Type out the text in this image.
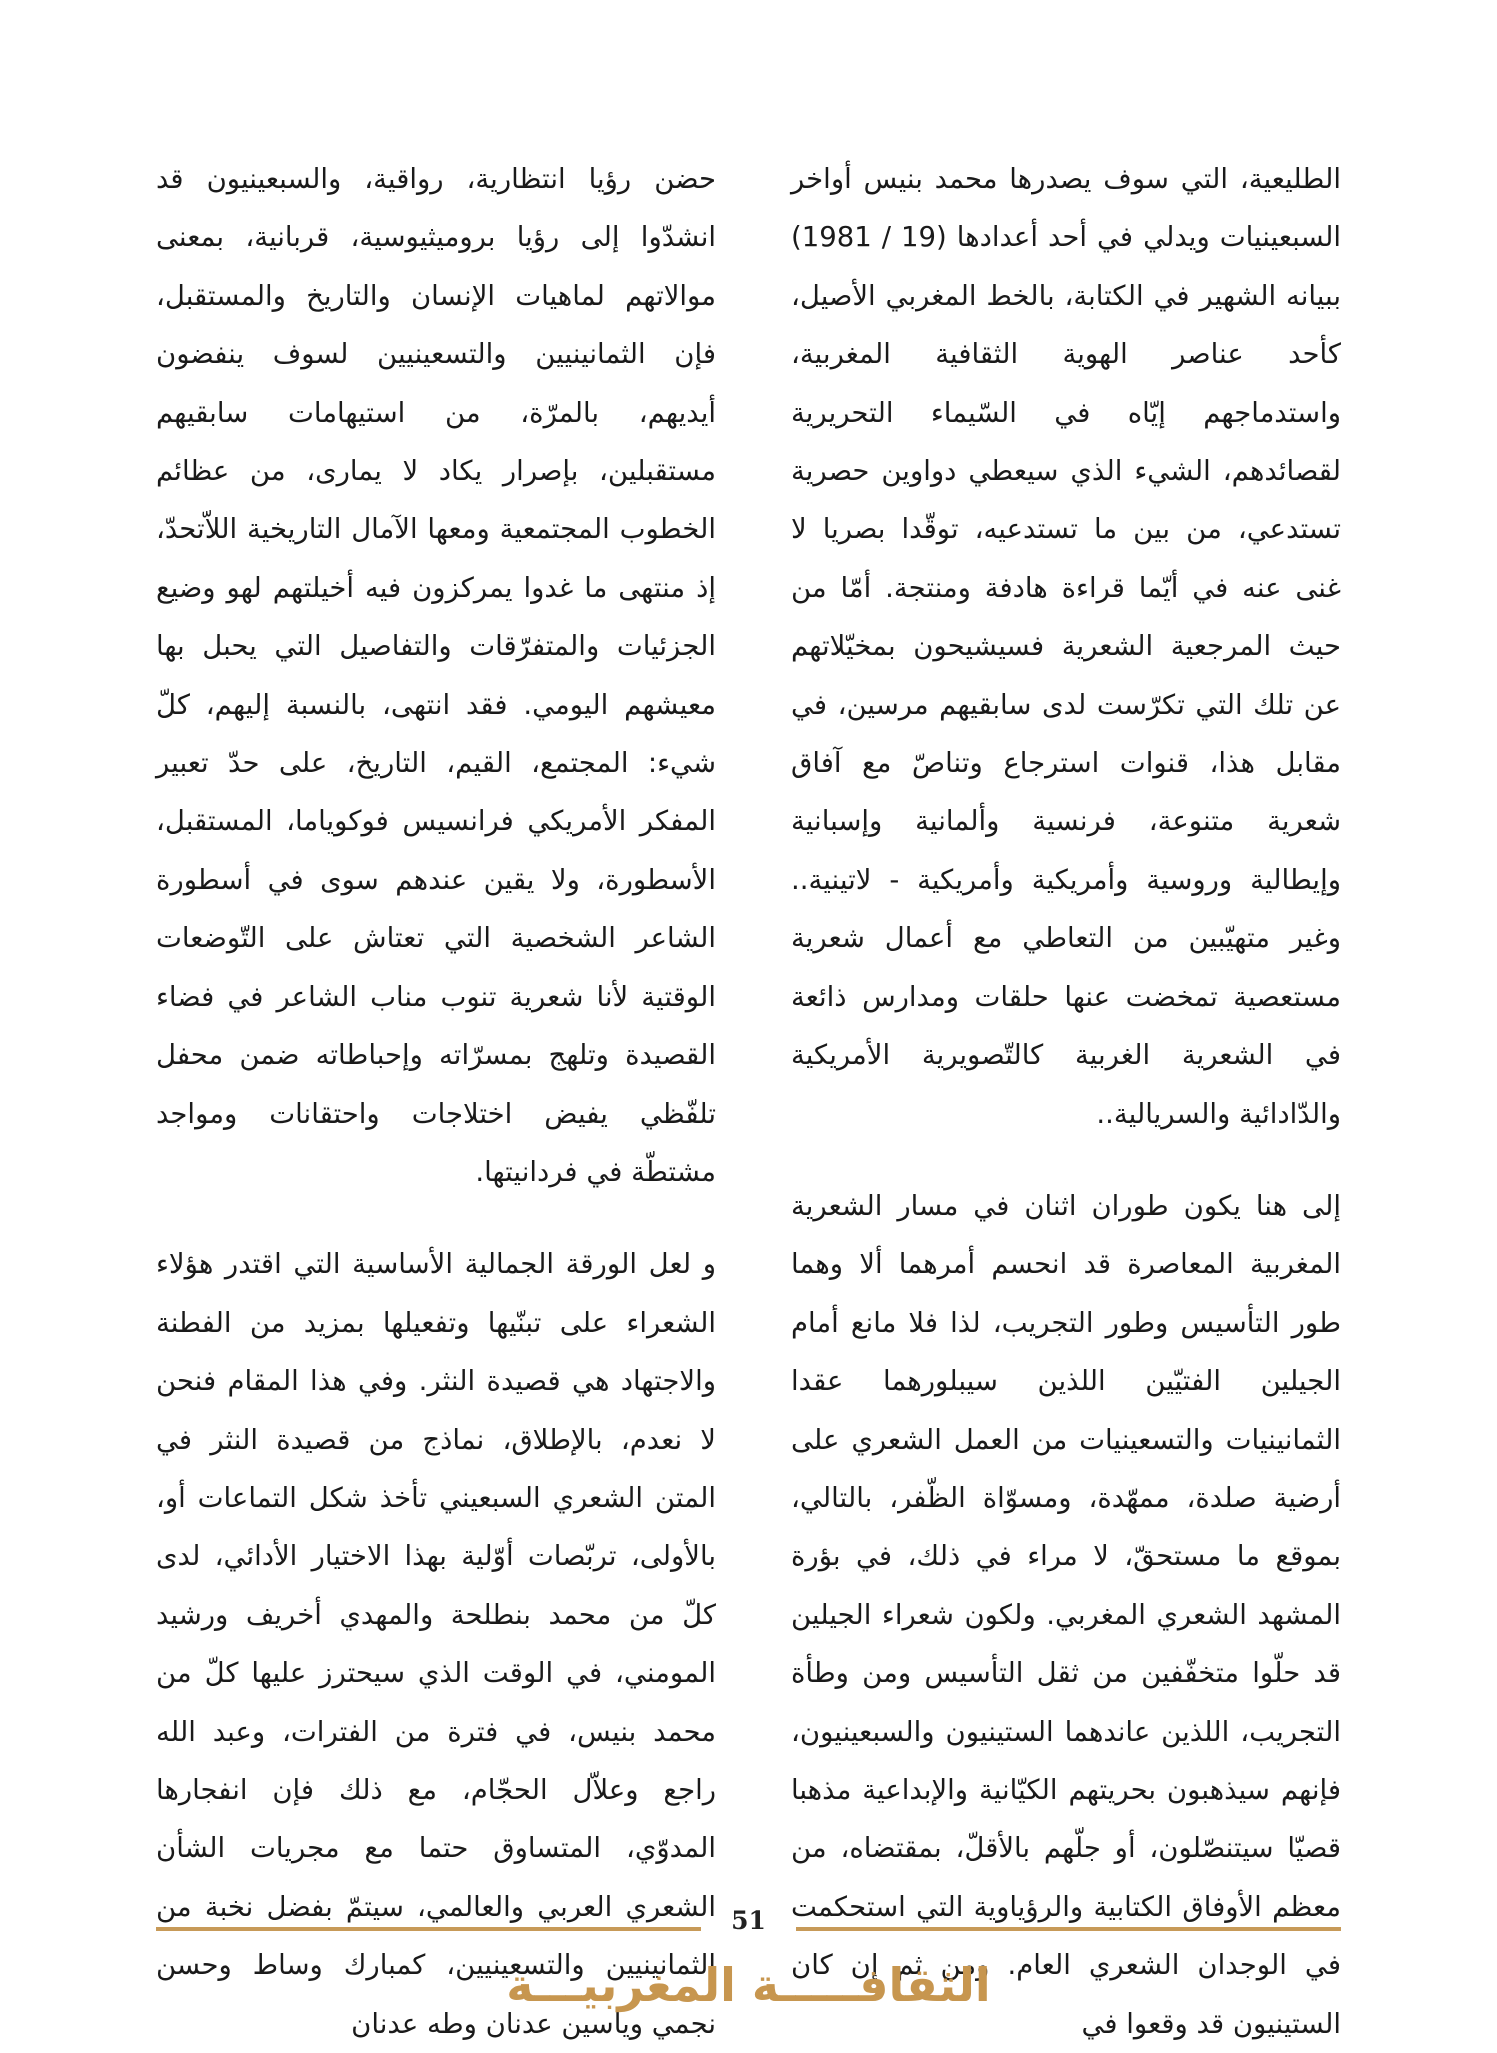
الطليعية، التي سوف يصدرها محمد بنيس أواخر السبعينيات ويدلي في أحد أعدادها (19 / 1981) ببيانه الشهير في الكتابة، بالخط المغربي الأصيل، كأحد عناصر الهوية الثقافية المغربية، واستدماجهم إيّاه في السّيماء التحريرية لقصائدهم، الشيء الذي سيعطي دواوين حصرية تستدعي، من بين ما تستدعيه، توقّدا بصريا لا غنى عنه في أيّما قراءة هادفة ومنتجة. أمّا من حيث المرجعية الشعرية فسيشيحون بمخيّلاتهم عن تلك التي تكرّست لدى سابقيهم مرسين، في مقابل هذا، قنوات استرجاع وتناصّ مع آفاق شعرية متنوعة، فرنسية وألمانية وإسبانية وإيطالية وروسية وأمريكية وأمريكية - لاتينية.. وغير متهيّبين من التعاطي مع أعمال شعرية مستعصية تمخضت عنها حلقات ومدارس ذائعة في الشعرية الغربية كالتّصويرية الأمريكية والدّادائية والسريالية..

إلى هنا يكون طوران اثنان في مسار الشعرية المغربية المعاصرة قد انحسم أمرهما ألا وهما طور التأسيس وطور التجريب، لذا فلا مانع أمام الجيلين الفتيّين اللذين سيبلورهما عقدا الثمانينيات والتسعينيات من العمل الشعري على أرضية صلدة، ممهّدة، ومسوّاة الظّفر، بالتالي، بموقع ما مستحقّ، لا مراء في ذلك، في بؤرة المشهد الشعري المغربي. ولكون شعراء الجيلين قد حلّوا متخفّفين من ثقل التأسيس ومن وطأة التجريب، اللذين عاندهما الستينيون والسبعينيون، فإنهم سيذهبون بحريتهم الكيّانية والإبداعية مذهبا قصيّا سيتنصّلون، أو جلّهم بالأقلّ، بمقتضاه، من معظم الأوفاق الكتابية والرؤياوية التي استحكمت في الوجدان الشعري العام. ومن ثم إن كان الستينيون قد وقعوا في

حضن رؤيا انتظارية، رواقية، والسبعينيون قد انشدّوا إلى رؤيا بروميثيوسية، قربانية، بمعنى موالاتهم لماهيات الإنسان والتاريخ والمستقبل، فإن الثمانينيين والتسعينيين لسوف ينفضون أيديهم، بالمرّة، من استيهامات سابقيهم مستقبلين، بإصرار يكاد لا يمارى، من عظائم الخطوب المجتمعية ومعها الآمال التاريخية اللاّتحدّ، إذ منتهى ما غدوا يمركزون فيه أخيلتهم لهو وضيع الجزئيات والمتفرّقات والتفاصيل التي يحبل بها معيشهم اليومي. فقد انتهى، بالنسبة إليهم، كلّ شيء: المجتمع، القيم، التاريخ، على حدّ تعبير المفكر الأمريكي فرانسيس فوكوياما، المستقبل، الأسطورة، ولا يقين عندهم سوى في أسطورة الشاعر الشخصية التي تعتاش على التّوضعات الوقتية لأنا شعرية تنوب مناب الشاعر في فضاء القصيدة وتلهج بمسرّاته وإحباطاته ضمن محفل تلفّظي يفيض اختلاجات واحتقانات ومواجد مشتطّة في فردانيتها.

و لعل الورقة الجمالية الأساسية التي اقتدر هؤلاء الشعراء على تبنّيها وتفعيلها بمزيد من الفطنة والاجتهاد هي قصيدة النثر. وفي هذا المقام فنحن لا نعدم، بالإطلاق، نماذج من قصيدة النثر في المتن الشعري السبعيني تأخذ شكل التماعات أو، بالأولى، تربّصات أوّلية بهذا الاختيار الأدائي، لدى كلّ من محمد بنطلحة والمهدي أخريف ورشيد المومني، في الوقت الذي سيحترز عليها كلّ من محمد بنيس، في فترة من الفترات، وعبد الله راجع وعلاّل الحجّام، مع ذلك فإن انفجارها المدوّي، المتساوق حتما مع مجريات الشأن الشعري العربي والعالمي، سيتمّ بفضل نخبة من الثمانينيين والتسعينيين، كمبارك وساط وحسن نجمي وياسين عدنان وطه عدنان

51
الثقافـــــة المغربيـــة
